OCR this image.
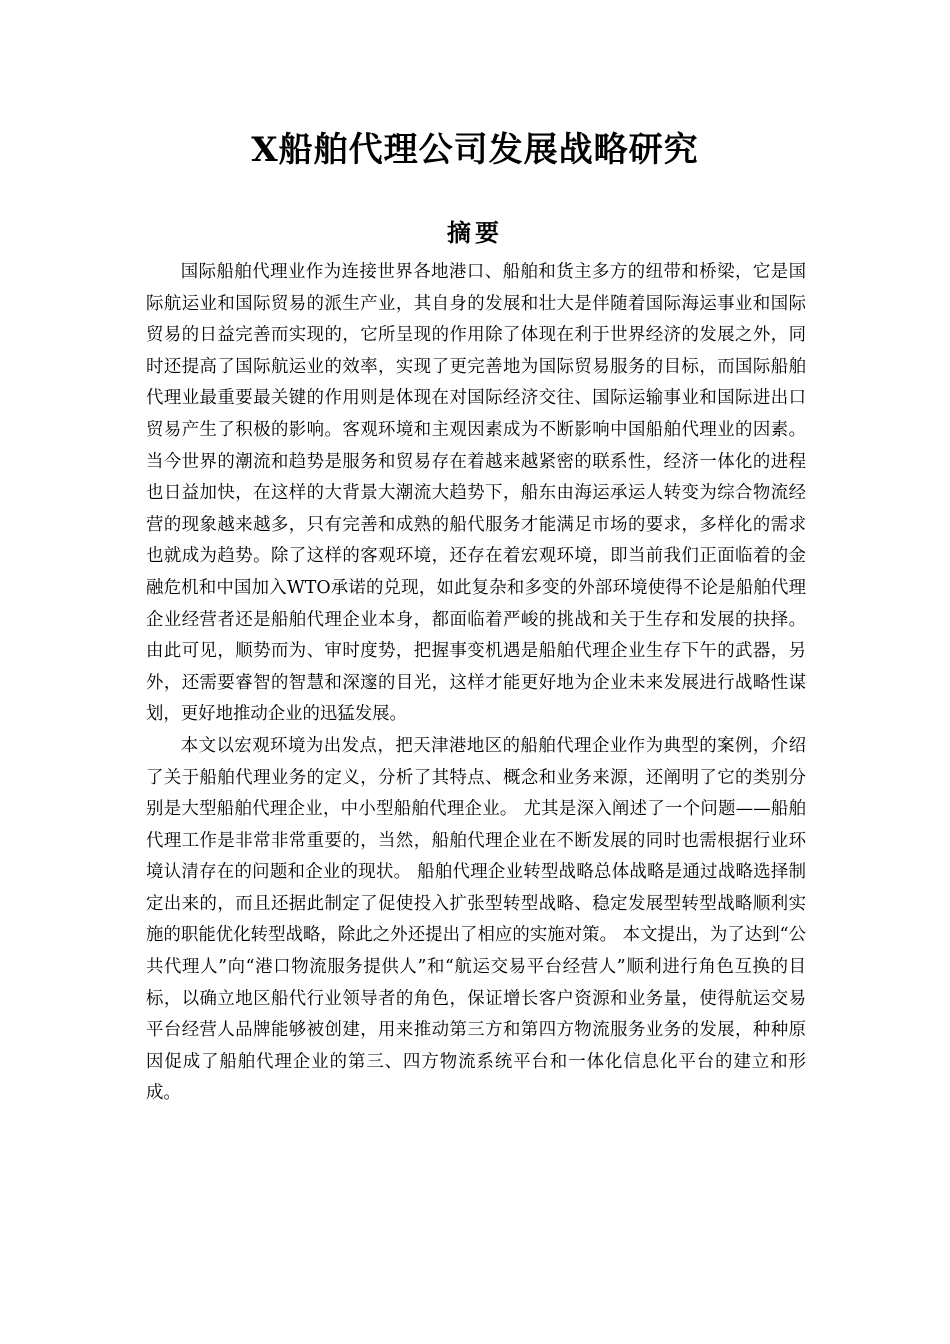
X船舶代理公司发展战略研究
摘要

国际船舶代理业作为连接世界各地港口、船舶和货主多方的纽带和桥梁，它是国际航运业和国际贸易的派生产业，其自身的发展和壮大是伴随着国际海运事业和国际贸易的日益完善而实现的，它所呈现的作用除了体现在利于世界经济的发展之外，同时还提高了国际航运业的效率，实现了更完善地为国际贸易服务的目标，而国际船舶代理业最重要最关键的作用则是体现在对国际经济交往、国际运输事业和国际进出口贸易产生了积极的影响。客观环境和主观因素成为不断影响中国船舶代理业的因素。当今世界的潮流和趋势是服务和贸易存在着越来越紧密的联系性，经济一体化的进程也日益加快，在这样的大背景大潮流大趋势下，船东由海运承运人转变为综合物流经营的现象越来越多，只有完善和成熟的船代服务才能满足市场的要求，多样化的需求也就成为趋势。除了这样的客观环境，还存在着宏观环境，即当前我们正面临着的金融危机和中国加入WTO承诺的兑现，如此复杂和多变的外部环境使得不论是船舶代理企业经营者还是船舶代理企业本身，都面临着严峻的挑战和关于生存和发展的抉择。由此可见，顺势而为、审时度势，把握事变机遇是船舶代理企业生存下午的武器，另外，还需要睿智的智慧和深邃的目光，这样才能更好地为企业未来发展进行战略性谋划，更好地推动企业的迅猛发展。

本文以宏观环境为出发点，把天津港地区的船舶代理企业作为典型的案例，介绍了关于船舶代理业务的定义，分析了其特点、概念和业务来源，还阐明了它的类别分别是大型船舶代理企业，中小型船舶代理企业。 尤其是深入阐述了一个问题——船舶代理工作是非常非常重要的，当然，船舶代理企业在不断发展的同时也需根据行业环境认清存在的问题和企业的现状。 船舶代理企业转型战略总体战略是通过战略选择制定出来的，而且还据此制定了促使投入扩张型转型战略、稳定发展型转型战略顺利实施的职能优化转型战略，除此之外还提出了相应的实施对策。 本文提出，为了达到“公共代理人”向“港口物流服务提供人”和“航运交易平台经营人”顺利进行角色互换的目标，以确立地区船代行业领导者的角色，保证增长客户资源和业务量，使得航运交易平台经营人品牌能够被创建，用来推动第三方和第四方物流服务业务的发展，种种原因促成了船舶代理企业的第三、四方物流系统平台和一体化信息化平台的建立和形成。
